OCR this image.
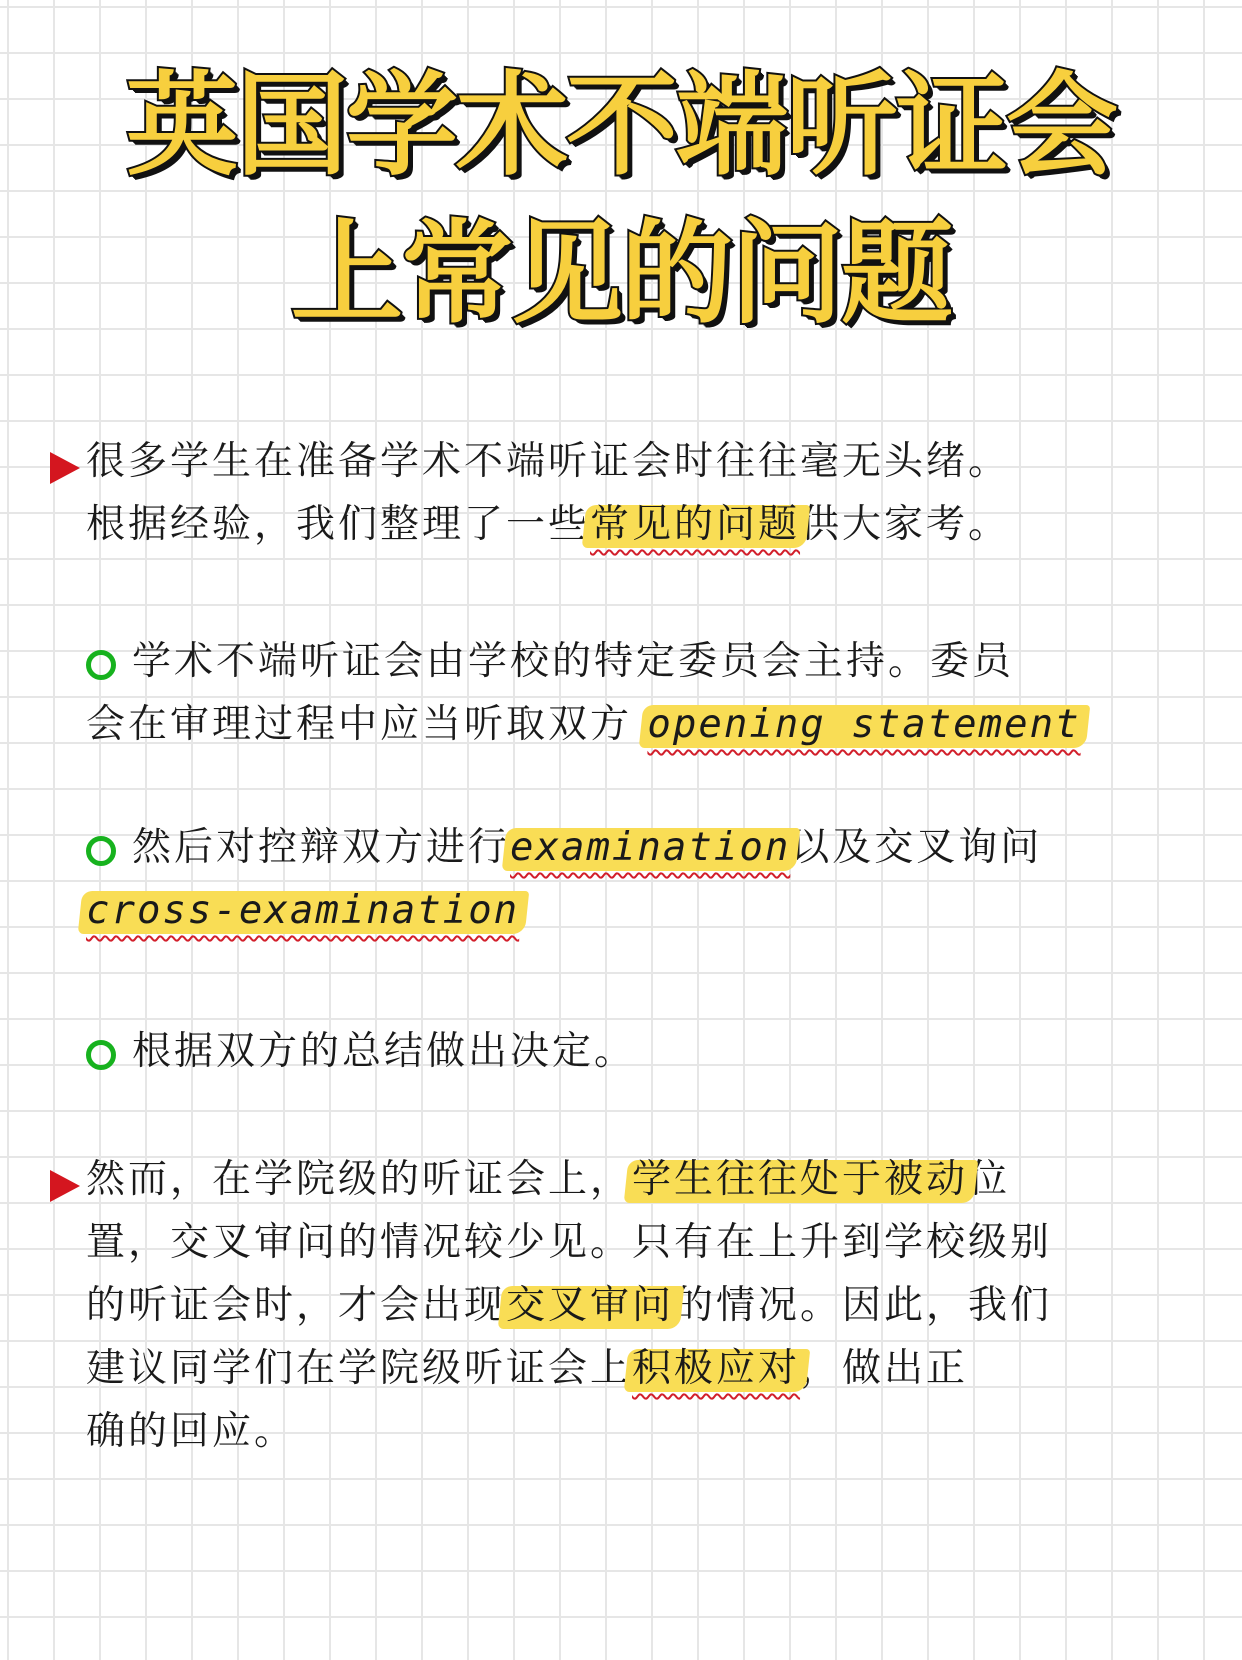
英国学术不端听证会
上常见的问题
很多学生在准备学术不端听证会时往往毫无头绪。
根据经验，我们整理了一些常见的问题供大家考。
学术不端听证会由学校的特定委员会主持。委员
会在审理过程中应当听取双方 opening statement
然后对控辩双方进行examination以及交叉询问
cross-examination
根据双方的总结做出决定。
然而，在学院级的听证会上，学生往往处于被动位
置，交叉审问的情况较少见。只有在上升到学校级别
的听证会时，才会出现交叉审问的情况。因此，我们
建议同学们在学院级听证会上积极应对，做出正
确的回应。
